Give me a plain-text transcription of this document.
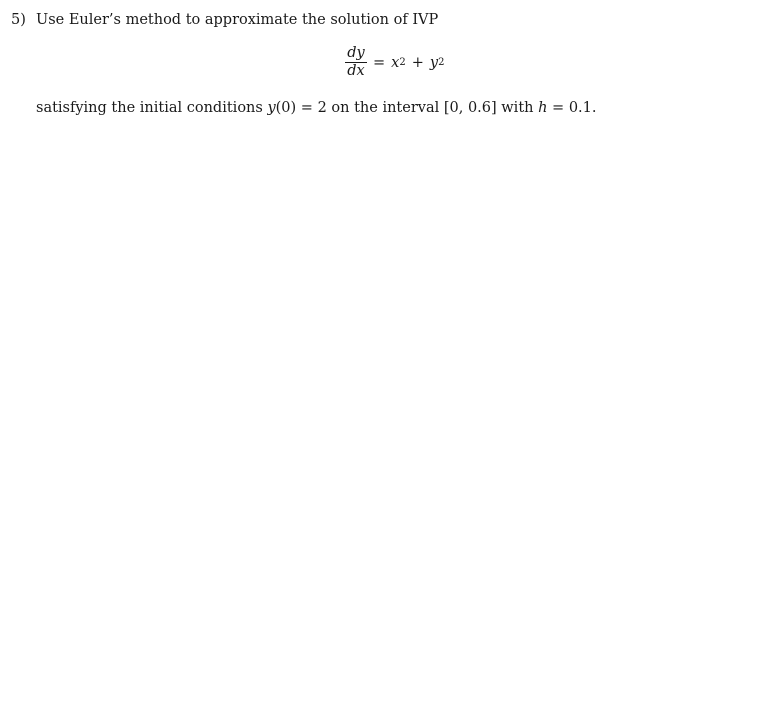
5) Use Euler’s method to approximate the solution of IVP
$\frac{dy}{dx} = x$ 2 + y 2
satisfying the initial conditions y(0) = 2 on the interval [0, 0.6] with h = 0.1.
